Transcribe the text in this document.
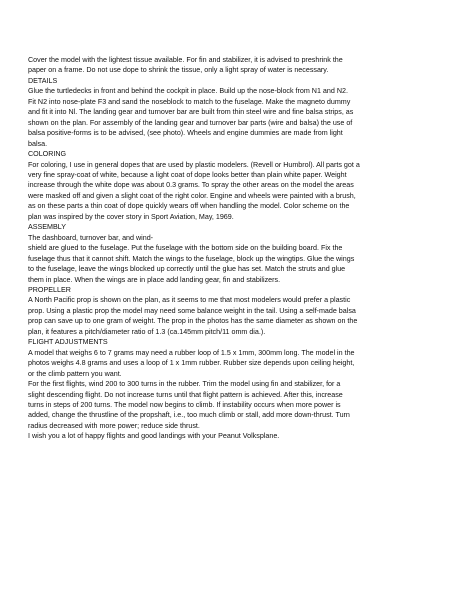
Cover the model with the lightest tissue available. For fin and stabilizer, it is advised to preshrink the

paper on a frame. Do not use dope to shrink the tissue, only a light spray of water is necessary.

DETAILS

Glue the turtledecks in front and behind the cockpit in place. Build up the nose-block from N1 and N2.

Fit N2 into nose-plate F3 and sand the noseblock to match to the fuselage. Make the magneto dummy

and fit it into Nl. The landing gear and turnover bar are built from thin steel wire and fine balsa strips, as

shown on the plan. For assembly of the landing gear and turnover bar parts (wire and balsa) the use of

balsa positive-forms is to be advised, (see photo). Wheels and engine dummies are made from light

balsa.

COLORING

For coloring, I use in general dopes that are used by plastic modelers. (Revell or Humbrol). All parts got a

very fine spray-coat of white, because a light coat of dope looks better than plain white paper. Weight

increase through the white dope was about 0.3 grams. To spray the other areas on the model the areas

were masked off and given a slight coat of the right color. Engine and wheels were painted with a brush,

as on these parts a thin coat of dope quickly wears off when handling the model. Color scheme on the

plan was inspired by the cover story in Sport Aviation, May, 1969.

ASSEMBLY

The dashboard, turnover bar, and wind-

shield are glued to the fuselage. Put the fuselage with the bottom side on the building board. Fix the

fuselage thus that it cannot shift. Match the wings to the fuselage, block up the wingtips. Glue the wings

to the fuselage, leave the wings blocked up correctly until the glue has set. Match the struts and glue

them in place. When the wings are in place add landing gear, fin and stabilizers.

PROPELLER

A North Pacific prop is shown on the plan, as it seems to me that most modelers would prefer a plastic

prop. Using a plastic prop the model may need some balance weight in the tail. Using a self-made balsa

prop can save up to one gram of weight. The prop in the photos has the same diameter as shown on the

plan, it features a pitch/diameter ratio of 1.3 (ca.145mm pitch/11 omm dia.).

FLIGHT ADJUSTMENTS

A model that weighs 6 to 7 grams may need a rubber loop of 1.5 x 1mm, 300mm long. The model in the

photos weighs 4.8 grams and uses a loop of 1 x 1mm rubber. Rubber size depends upon ceiling height,

or the climb pattern you want.

For the first flights, wind 200 to 300 turns in the rubber. Trim the model using fin and stabilizer, for a

slight descending flight. Do not increase turns until that flight pattern is achieved. After this, increase

turns in steps of 200 turns. The model now begins to climb. If instability occurs when more power is

added, change the thrustline of the propshaft, i.e., too much climb or stall, add more down-thrust. Turn

radius decreased with more power; reduce side thrust.

I wish you a lot of happy flights and good landings with your Peanut Volksplane.
